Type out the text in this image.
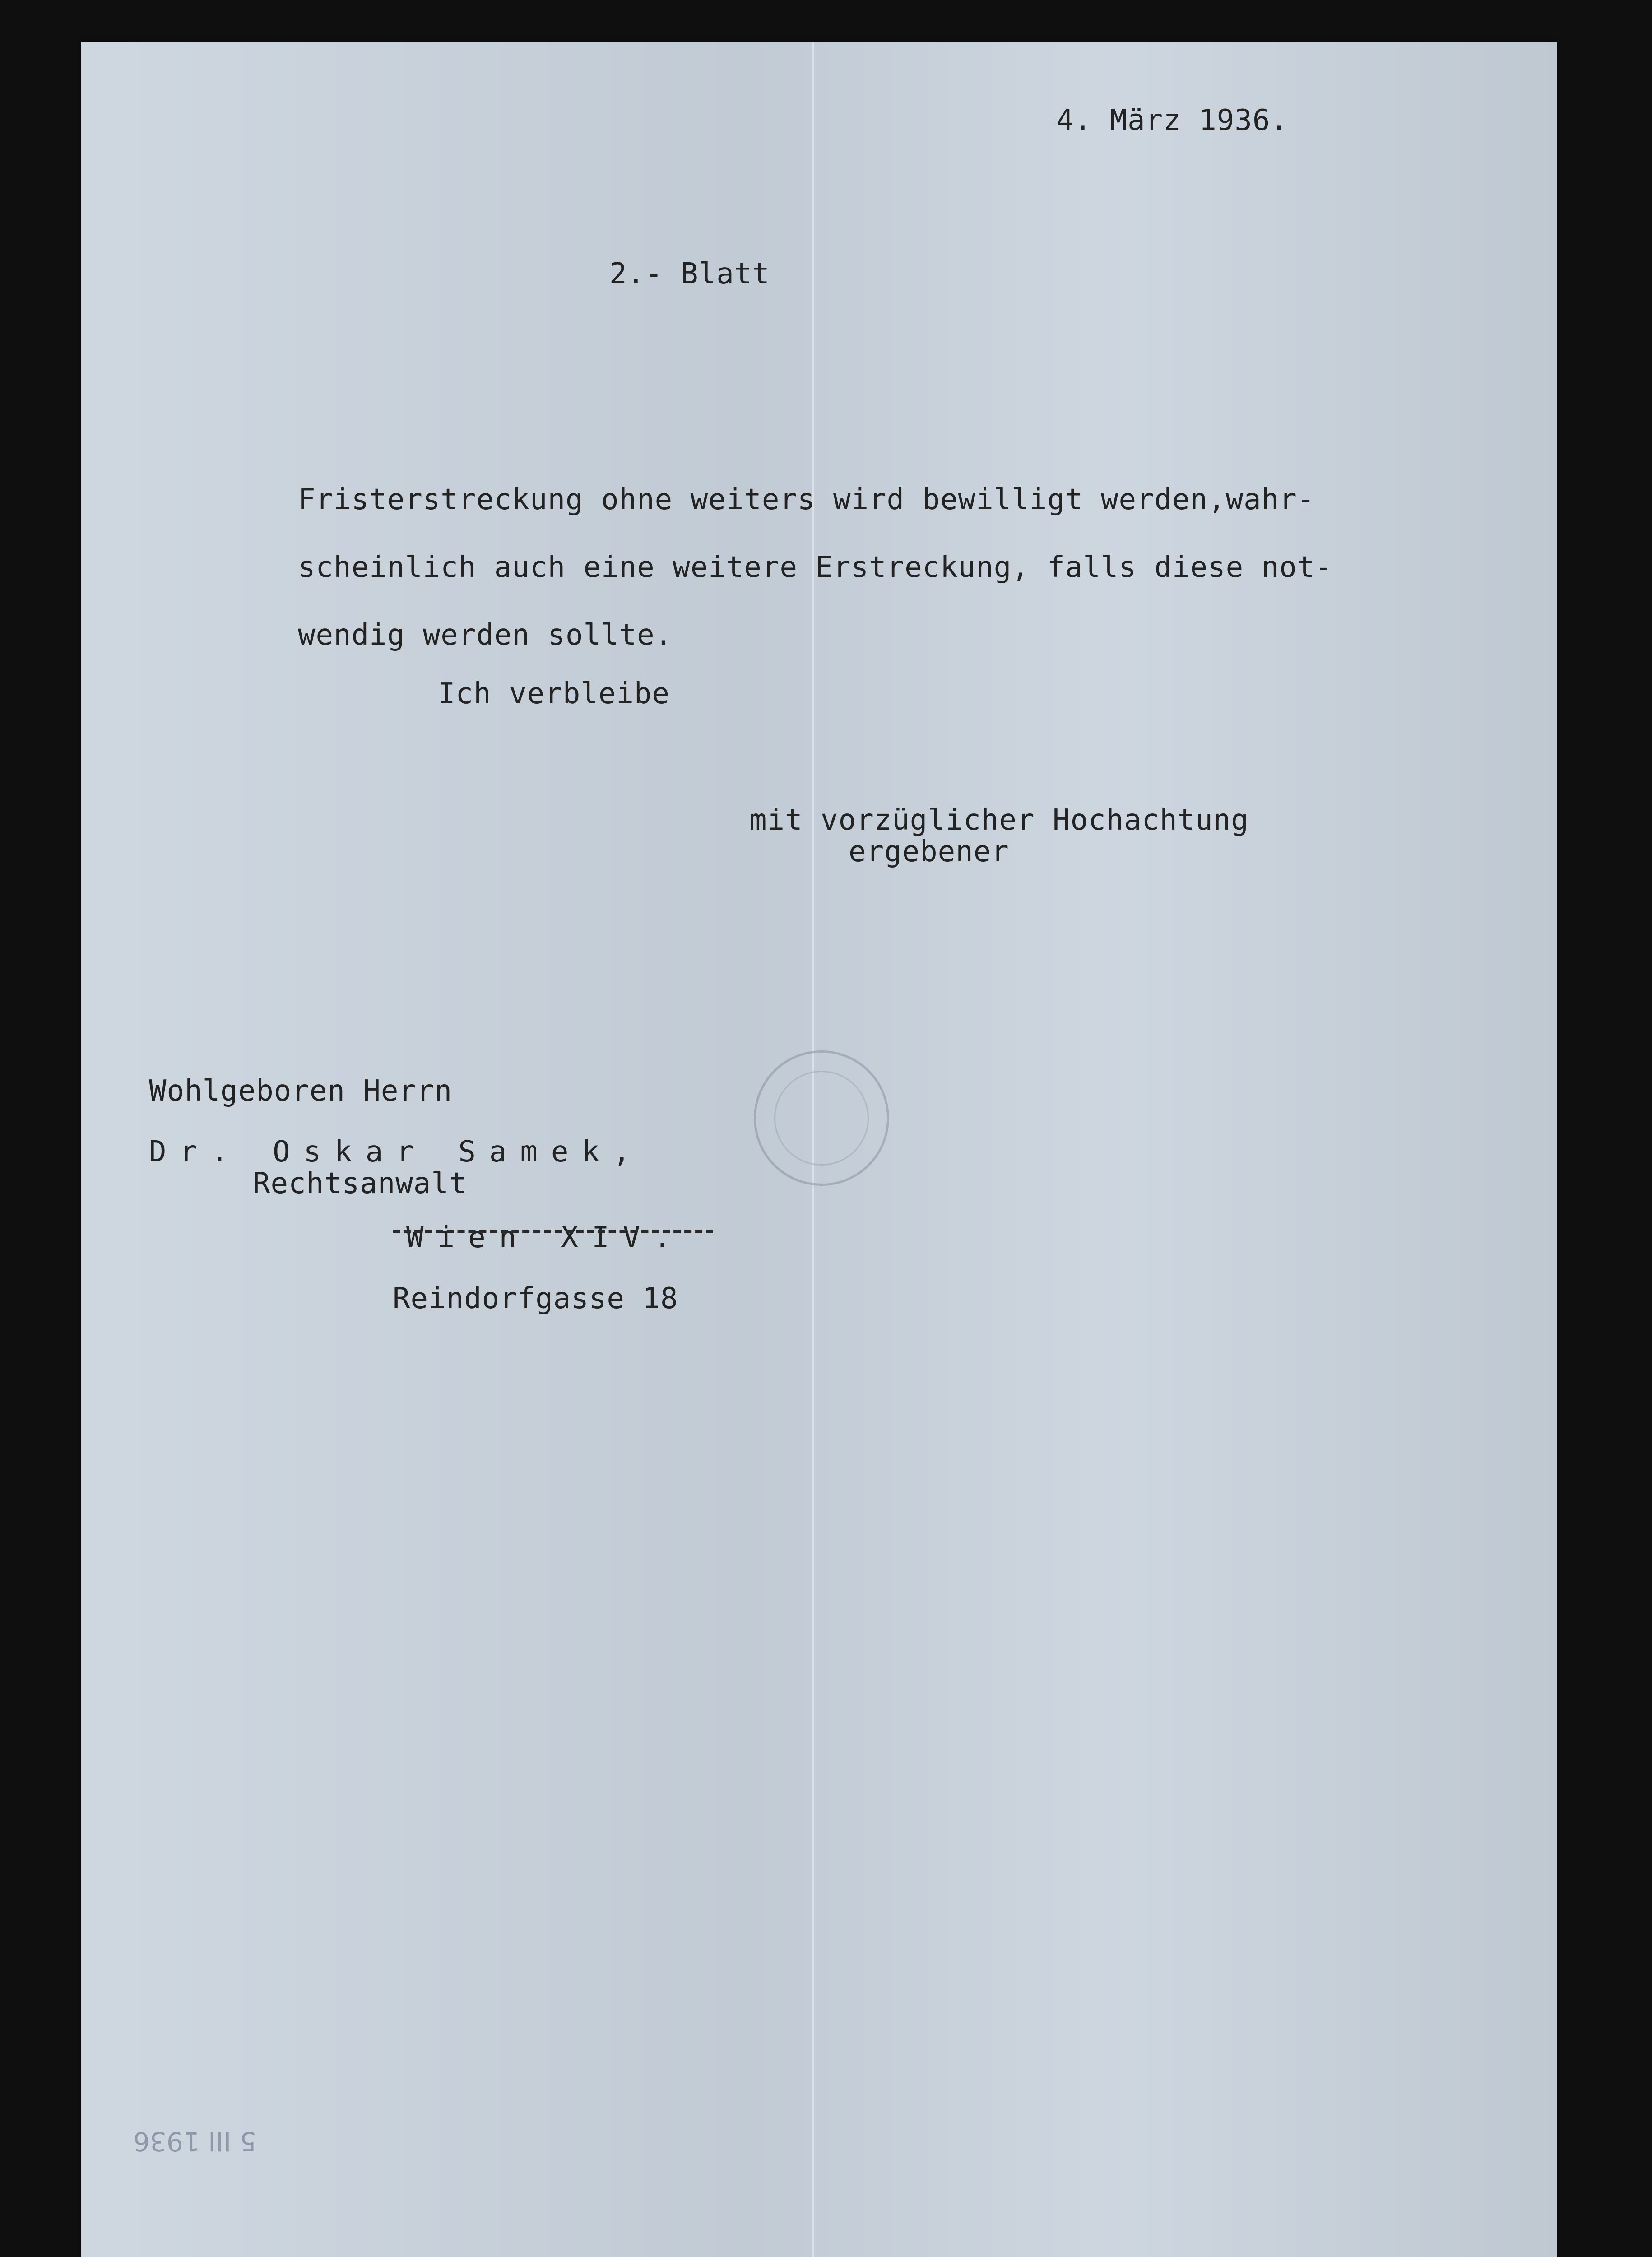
4. März 1936.

2.- Blatt

Fristerstreckung ohne weiters wird bewilligt werden,wahr-

scheinlich auch eine weitere Erstreckung, falls diese not-

wendig werden sollte.

Ich verbleibe

mit vorzüglicher Hochachtung

ergebener

Wohlgeboren Herrn

Dr. Oskar Samek,

Rechtsanwalt

Wien XIV.

Reindorfgasse 18

5 III 1936
